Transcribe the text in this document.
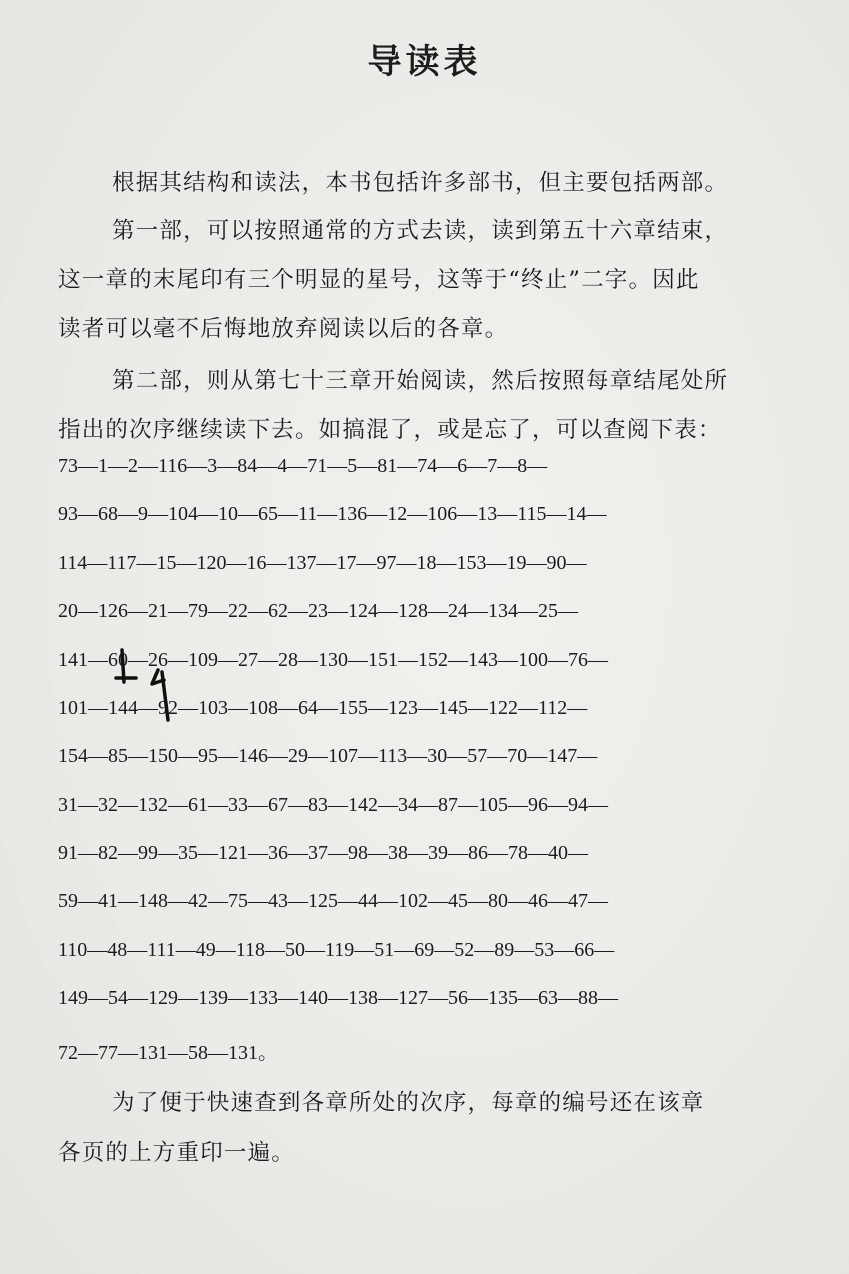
导读表
根据其结构和读法，本书包括许多部书，但主要包括两部。
第一部，可以按照通常的方式去读，读到第五十六章结束，
这一章的末尾印有三个明显的星号，这等于“终止”二字。因此
读者可以毫不后悔地放弃阅读以后的各章。
第二部，则从第七十三章开始阅读，然后按照每章结尾处所
指出的次序继续读下去。如搞混了，或是忘了，可以查阅下表：
73—1—2—116—3—84—4—71—5—81—74—6—7—8—
93—68—9—104—10—65—11—136—12—106—13—115—14—
114—117—15—120—16—137—17—97—18—153—19—90—
20—126—21—79—22—62—23—124—128—24—134—25—
141—60—26—109—27—28—130—151—152—143—100—76—
101—144—92—103—108—64—155—123—145—122—112—
154—85—150—95—146—29—107—113—30—57—70—147—
31—32—132—61—33—67—83—142—34—87—105—96—94—
91—82—99—35—121—36—37—98—38—39—86—78—40—
59—41—148—42—75—43—125—44—102—45—80—46—47—
110—48—111—49—118—50—119—51—69—52—89—53—66—
149—54—129—139—133—140—138—127—56—135—63—88—
72—77—131—58—131。
为了便于快速查到各章所处的次序，每章的编号还在该章
各页的上方重印一遍。
